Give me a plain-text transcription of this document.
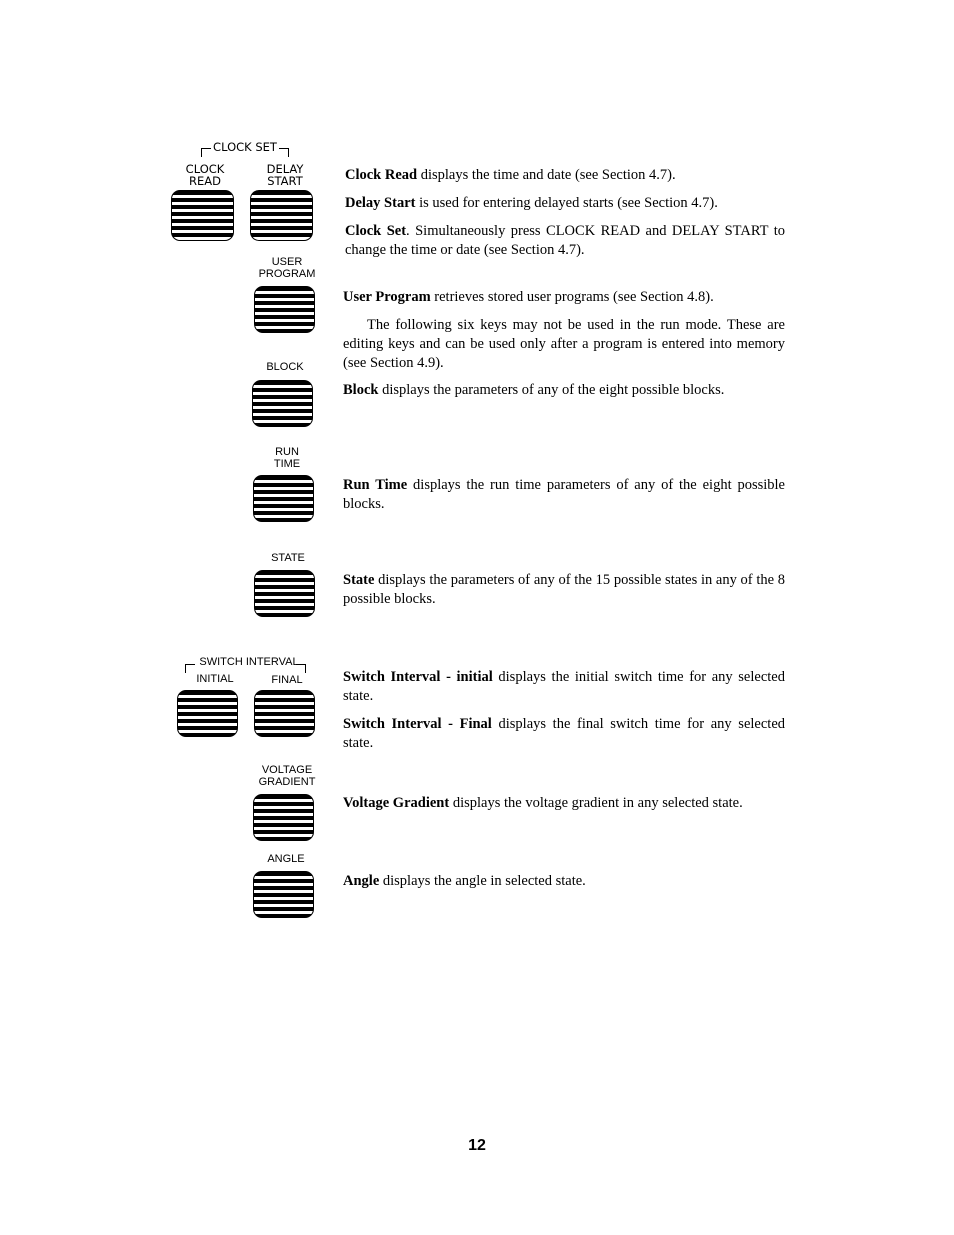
CLOCK SET
CLOCK
READ
DELAY
START
USER
PROGRAM
BLOCK
RUN
TIME
STATE
SWITCH INTERVAL
INITIAL	FINAL
VOLTAGE
GRADIENT
ANGLE

Clock Read displays the time and date (see Section 4.7).

Delay Start is used for entering delayed starts (see Section 4.7).

Clock Set. Simultaneously press CLOCK READ and DELAY START to change the time or date (see Section 4.7).

User Program retrieves stored user programs (see Section 4.8).

The following six keys may not be used in the run mode. These are editing keys and can be used only after a program is entered into memory (see Section 4.9).

Block displays the parameters of any of the eight possible blocks.

Run Time displays the run time parameters of any of the eight possible blocks.

State displays the parameters of any of the 15 possible states in any of the 8 possible blocks.

Switch Interval - initial displays the initial switch time for any selected state.

Switch Interval - Final displays the final switch time for any selected state.

Voltage Gradient displays the voltage gradient in any selected state.

Angle displays the angle in selected state.

12
